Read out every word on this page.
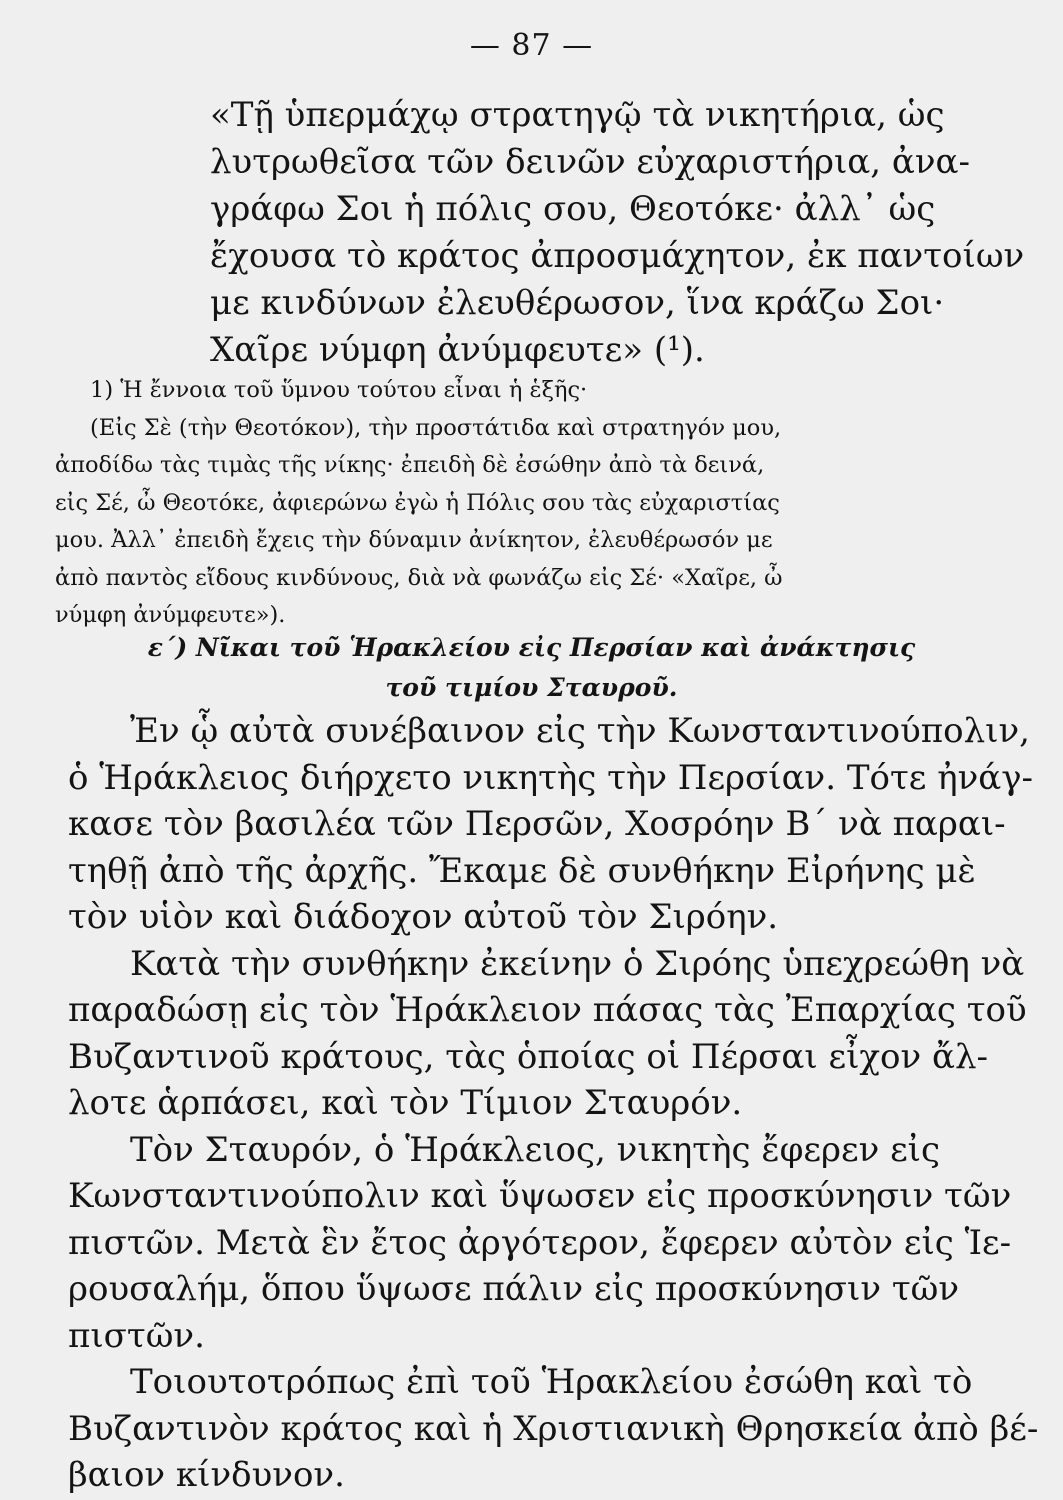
— 87 —
«Τῇ ὑπερμάχῳ στρατηγῷ τὰ νικητήρια, ὡς
λυτρωθεῖσα τῶν δεινῶν εὐχαριστήρια, ἀνα-
γράφω Σοι ἡ πόλις σου, Θεοτόκε· ἀλλ᾽ ὡς
ἔχουσα τὸ κράτος ἀπροσμάχητον, ἐκ παντοίων
με κινδύνων ἐλευθέρωσον, ἵνα κράζω Σοι·
Χαῖρε νύμφη ἀνύμφευτε» (¹).
1) Ἡ ἔννοια τοῦ ὕμνου τούτου εἶναι ἡ ἑξῆς·
(Εἰς Σὲ (τὴν Θεοτόκον), τὴν προστάτιδα καὶ στρατηγόν μου,
ἀποδίδω τὰς τιμὰς τῆς νίκης· ἐπειδὴ δὲ ἐσώθην ἀπὸ τὰ δεινά,
εἰς Σέ, ὦ Θεοτόκε, ἀφιερώνω ἐγὼ ἡ Πόλις σου τὰς εὐχαριστίας
μου. Ἀλλ᾽ ἐπειδὴ ἔχεις τὴν δύναμιν ἀνίκητον, ἐλευθέρωσόν με
ἀπὸ παντὸς εἴδους κινδύνους, διὰ νὰ φωνάζω εἰς Σέ· «Χαῖρε, ὦ
νύμφη ἀνύμφευτε»).
ε΄) Νῖκαι τοῦ Ἡρακλείου εἰς Περσίαν καὶ ἀνάκτησις
τοῦ τιμίου Σταυροῦ.

Ἐν ᾧ αὐτὰ συνέβαινον εἰς τὴν Κωνσταντινούπολιν,
ὁ Ἡράκλειος διήρχετο νικητὴς τὴν Περσίαν. Τότε ἠνάγ-
κασε τὸν βασιλέα τῶν Περσῶν, Χοσρόην Β΄ νὰ παραι-
τηθῇ ἀπὸ τῆς ἀρχῆς. Ἔκαμε δὲ συνθήκην Εἰρήνης μὲ
τὸν υἱὸν καὶ διάδοχον αὐτοῦ τὸν Σιρόην.

Κατὰ τὴν συνθήκην ἐκείνην ὁ Σιρόης ὑπεχρεώθη νὰ
παραδώσῃ εἰς τὸν Ἡράκλειον πάσας τὰς Ἐπαρχίας τοῦ
Βυζαντινοῦ κράτους, τὰς ὁποίας οἱ Πέρσαι εἶχον ἄλ-
λοτε ἁρπάσει, καὶ τὸν Τίμιον Σταυρόν.

Τὸν Σταυρόν, ὁ Ἡράκλειος, νικητὴς ἔφερεν εἰς
Κωνσταντινούπολιν καὶ ὕψωσεν εἰς προσκύνησιν τῶν
πιστῶν. Μετὰ ἓν ἔτος ἀργότερον, ἔφερεν αὐτὸν εἰς Ἱε-
ρουσαλήμ, ὅπου ὕψωσε πάλιν εἰς προσκύνησιν τῶν
πιστῶν.

Τοιουτοτρόπως ἐπὶ τοῦ Ἡρακλείου ἐσώθη καὶ τὸ
Βυζαντινὸν κράτος καὶ ἡ Χριστιανικὴ Θρησκεία ἀπὸ βέ-
βαιον κίνδυνον.
